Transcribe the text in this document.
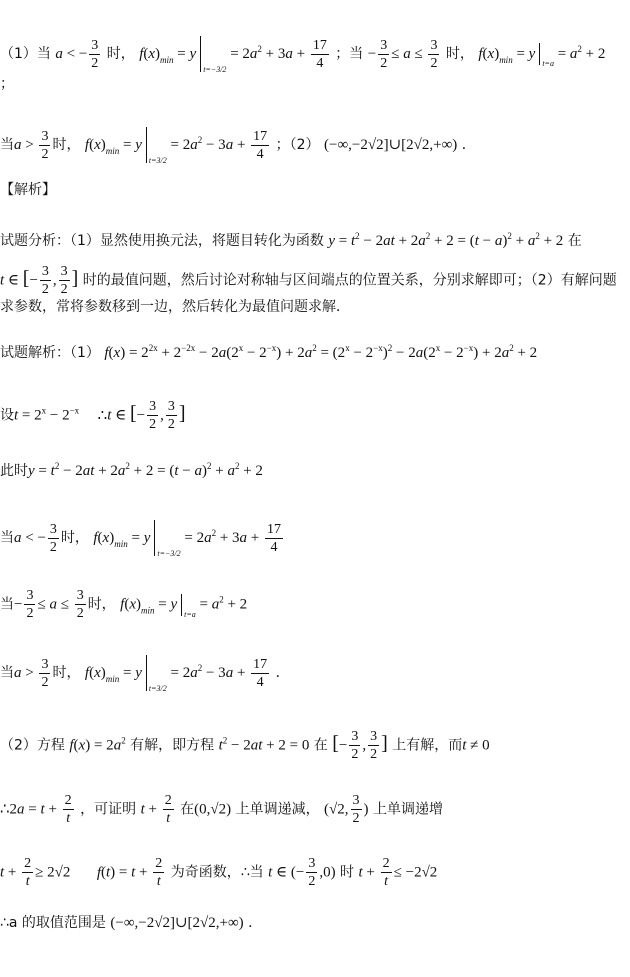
（1）当 a < − $\frac{3}{2}$ 时， $f(x)_{min} = yt=-3/2 = 2a^2 + 3a + \frac{17}{4}$ ；当 − $\frac{3}{2} \le a \le \frac{3}{2}$ 时， $f(x)_{min} = yt=a = a^2 + 2$
；
当$a > \frac{3}{2}$ 时， $f(x)_{min} = yt=3/2 = 2a^2 - 3a + \frac{17}{4}$ ；（2） (−∞,−2√2]∪[2√2,+∞) ．
【解析】
试题分析：（1）显然使用换元法，将题目转化为函数 $y = t^2 - 2at + 2a^2 + 2 = (t - a)^2 + a^2 + 2$ 在
t ∈ [− $\frac{3}{2}$ , $\frac{3}{2}$ ] 时的最值问题，然后讨论对称轴与区间端点的位置关系，分别求解即可；（2）有解问题
求参数，常将参数移到一边，然后转化为最值问题求解．
试题解析：（1） $f(x) = 2^{2x} + 2^{-2x} - 2a(2^x - 2^{-x}) + 2a^2 = (2^x - 2^{-x})^2 - 2a(2^x - 2^{-x}) + 2a^2 + 2$
设$t = 2^x - 2^{-x}$ ∴t ∈ [− $\frac{3}{2}$ , $\frac{3}{2}$ ]
此时$y = t^2 - 2at + 2a^2 + 2 = (t - a)^2 + a^2 + 2$
当a < − $\frac{3}{2}$ 时， $f(x)_{min} = yt=-3/2 = 2a^2 + 3a + \frac{17}{4}$
当− $\frac{3}{2} \le a \le \frac{3}{2}$ 时， $f(x)_{min} = yt=a = a^2 + 2$
当$a > \frac{3}{2}$ 时， $f(x)_{min} = yt=3/2 = 2a^2 - 3a + \frac{17}{4}$ ．
（2）方程 $f(x) = 2a^2$ 有解，即方程 $t^2 - 2at + 2 = 0$ 在 [− $\frac{3}{2}$ , $\frac{3}{2}$ ] 上有解，而t ≠ 0
∴2a = $t + \frac{2}{t}$ ，可证明 $t + \frac{2}{t}$ 在(0,√2) 上单调递减， (√2, $\frac{3}{2}$ ) 上单调递增
$t + \frac{2}{t} \ge 2√2$ $f(t) = t + \frac{2}{t}$ 为奇函数，∴当 t ∈ (− $\frac{3}{2} ,0$) 时 $t + \frac{2}{t} \le -2√2$
∴a 的取值范围是 (−∞,−2√2]∪[2√2,+∞) ．
